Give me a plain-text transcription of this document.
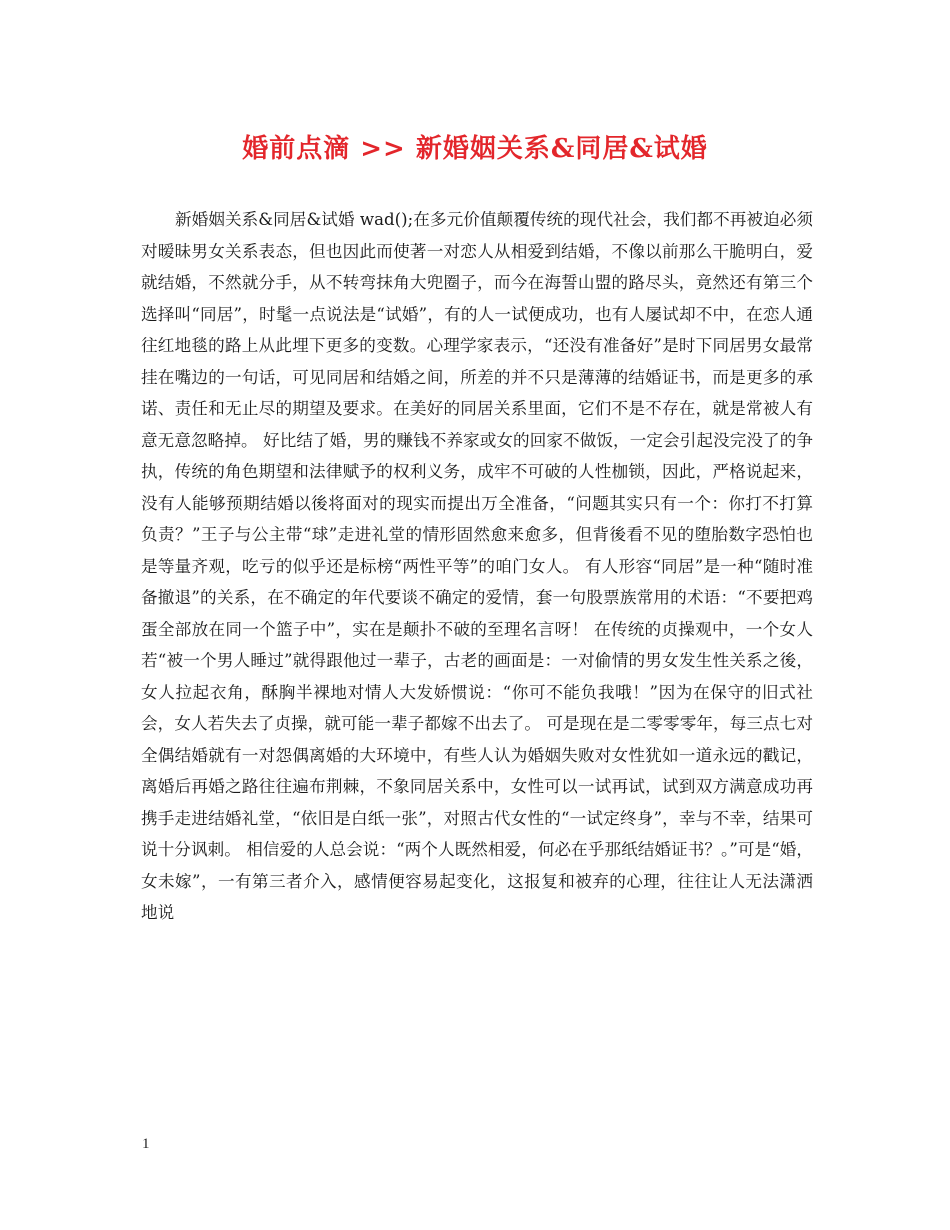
婚前点滴 >> 新婚姻关系&同居&试婚

新婚姻关系&同居&试婚 wad();在多元价值颠覆传统的现代社会，我们都不再被迫必须对暧昧男女关系表态，但也因此而使著一对恋人从相爱到结婚，不像以前那么干脆明白，爱就结婚，不然就分手，从不转弯抹角大兜圈子，而今在海誓山盟的路尽头，竟然还有第三个选择叫“同居”，时髦一点说法是“试婚”，有的人一试便成功，也有人屡试却不中，在恋人通往红地毯的路上从此埋下更多的变数。心理学家表示，“还没有准备好”是时下同居男女最常挂在嘴边的一句话，可见同居和结婚之间，所差的并不只是薄薄的结婚证书，而是更多的承诺、责任和无止尽的期望及要求。在美好的同居关系里面，它们不是不存在，就是常被人有意无意忽略掉。 好比结了婚，男的赚钱不养家或女的回家不做饭，一定会引起没完没了的争执，传统的角色期望和法律赋予的权利义务，成牢不可破的人性枷锁，因此，严格说起来，没有人能够预期结婚以後将面对的现实而提出万全准备，“问题其实只有一个：你打不打算负责？”王子与公主带“球”走进礼堂的情形固然愈来愈多，但背後看不见的堕胎数字恐怕也是等量齐观，吃亏的似乎还是标榜“两性平等”的咱门女人。 有人形容“同居”是一种“随时准备撤退”的关系，在不确定的年代要谈不确定的爱情，套一句股票族常用的术语：“不要把鸡蛋全部放在同一个篮子中”，实在是颠扑不破的至理名言呀！ 在传统的贞操观中，一个女人若“被一个男人睡过”就得跟他过一辈子，古老的画面是：一对偷情的男女发生性关系之後，女人拉起衣角，酥胸半裸地对情人大发娇惯说：“你可不能负我哦！”因为在保守的旧式社会，女人若失去了贞操，就可能一辈子都嫁不出去了。 可是现在是二零零零年，每三点七对全偶结婚就有一对怨偶离婚的大环境中，有些人认为婚姻失败对女性犹如一道永远的戳记，离婚后再婚之路往往遍布荆棘，不象同居关系中，女性可以一试再试，试到双方满意成功再携手走进结婚礼堂，“依旧是白纸一张”，对照古代女性的“一试定终身”，幸与不幸，结果可说十分讽刺。 相信爱的人总会说：“两个人既然相爱，何必在乎那纸结婚证书？。”可是“婚，女未嫁”，一有第三者介入，感情便容易起变化，这报复和被弃的心理，往往让人无法潇洒地说

1
